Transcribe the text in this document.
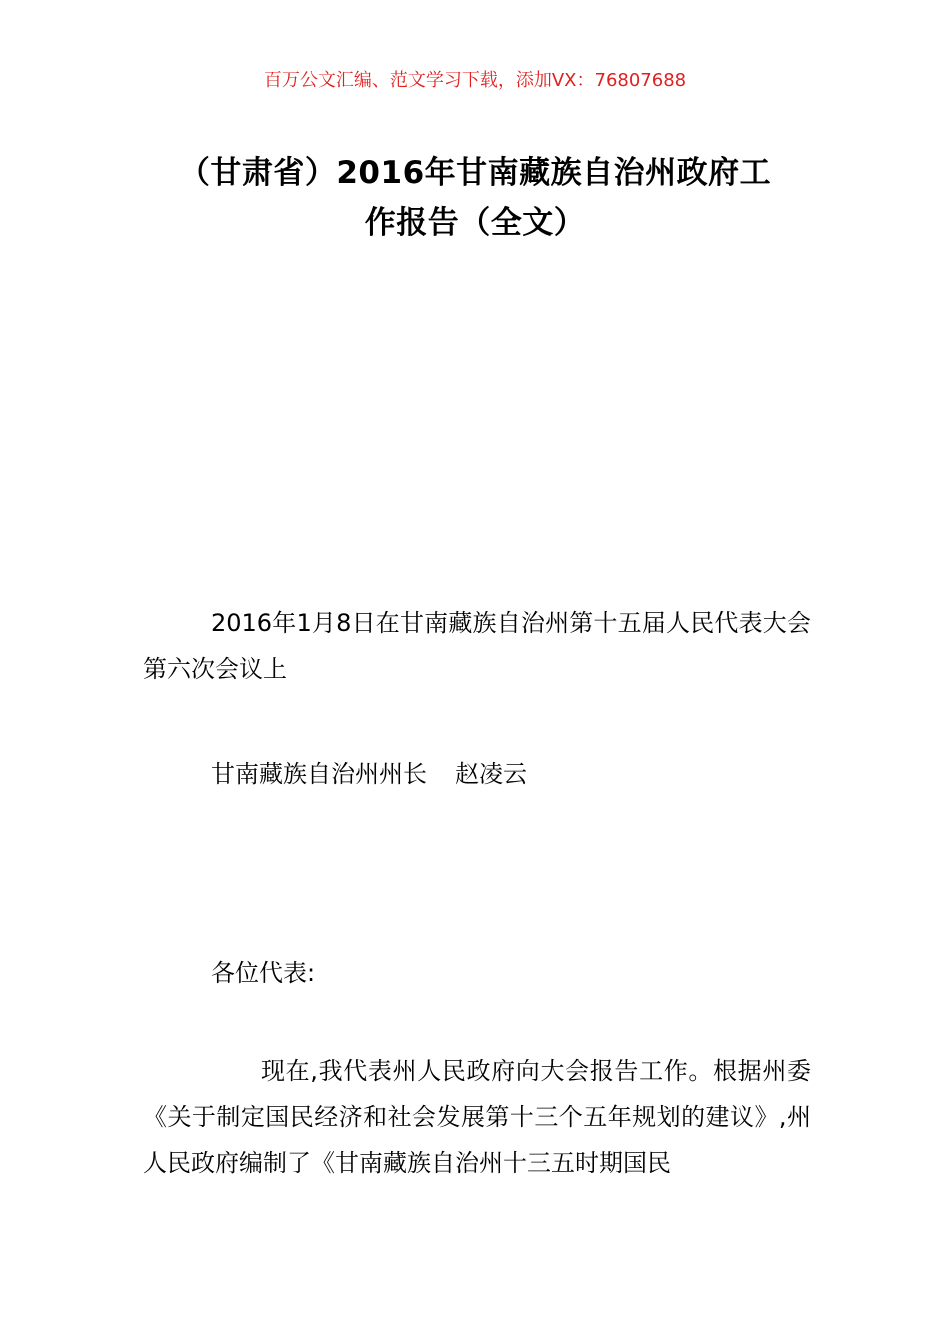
百万公文汇编、范文学习下载，添加VX：76807688
（甘肃省）2016年甘南藏族自治州政府工
作报告（全文）

2016年1月8日在甘南藏族自治州第十五届人民代表大会第六次会议上

甘南藏族自治州州长 赵凌云

各位代表:

现在,我代表州人民政府向大会报告工作。根据州委《关于制定国民经济和社会发展第十三个五年规划的建议》,州人民政府编制了《甘南藏族自治州十三五时期国民
